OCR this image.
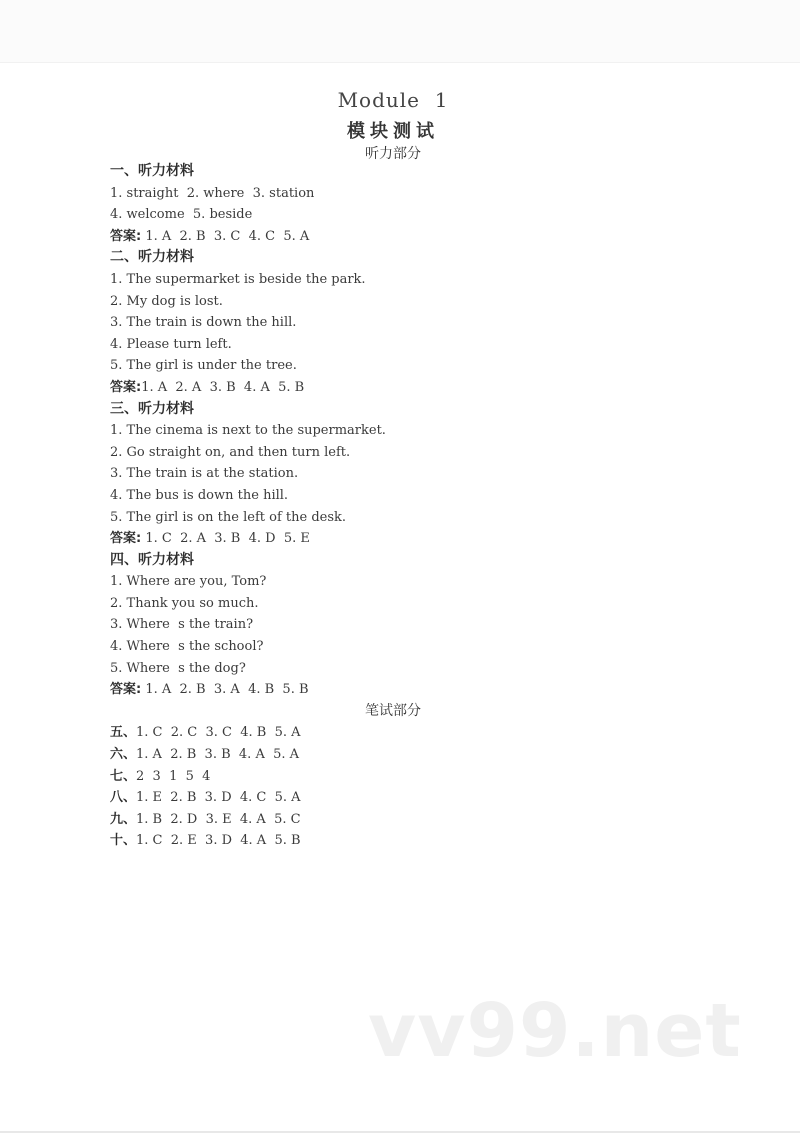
Module  1
模块测试
听力部分
一、听力材料
1. straight  2. where  3. station
4. welcome  5. beside
答案: 1. A  2. B  3. C  4. C  5. A
二、听力材料
1. The supermarket is beside the park.
2. My dog is lost.
3. The train is down the hill.
4. Please turn left.
5. The girl is under the tree.
答案:1. A  2. A  3. B  4. A  5. B
三、听力材料
1. The cinema is next to the supermarket.
2. Go straight on, and then turn left.
3. The train is at the station.
4. The bus is down the hill.
5. The girl is on the left of the desk.
答案: 1. C  2. A  3. B  4. D  5. E
四、听力材料
1. Where are you, Tom?
2. Thank you so much.
3. Where  s the train?
4. Where  s the school?
5. Where  s the dog?
答案: 1. A  2. B  3. A  4. B  5. B
笔试部分
五、1. C  2. C  3. C  4. B  5. A
六、1. A  2. B  3. B  4. A  5. A
七、2  3  1  5  4
八、1. E  2. B  3. D  4. C  5. A
九、1. B  2. D  3. E  4. A  5. C
十、1. C  2. E  3. D  4. A  5. B
vv99.net
